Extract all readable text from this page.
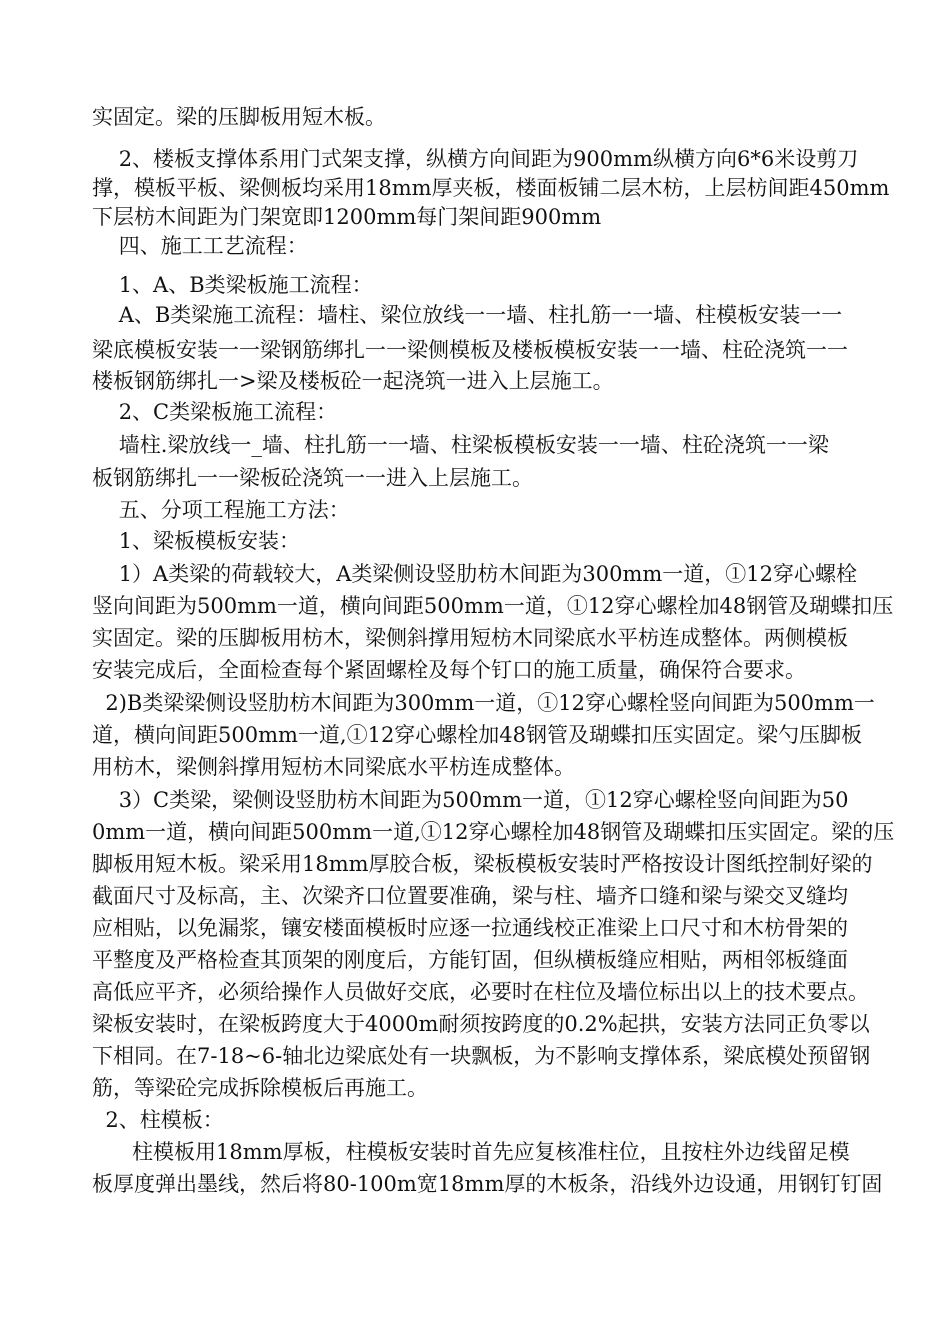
实固定。梁的压脚板用短木板。
2、楼板支撑体系用门式架支撑，纵横方向间距为900mm纵横方向6*6米设剪刀
撑，模板平板、梁侧板均采用18mm厚夹板，楼面板铺二层木枋，上层枋间距450mm
下层枋木间距为门架宽即1200mm每门架间距900mm
四、施工工艺流程：
1、A、B类梁板施工流程：
A、B类梁施工流程：墙柱、梁位放线一一墙、柱扎筋一一墙、柱模板安装一一
梁底模板安装一一梁钢筋绑扎一一梁侧模板及楼板模板安装一一墙、柱砼浇筑一一
楼板钢筋绑扎一>梁及楼板砼一起浇筑一进入上层施工。
2、C类梁板施工流程：
墙柱.梁放线一_墙、柱扎筋一一墙、柱梁板模板安装一一墙、柱砼浇筑一一梁
板钢筋绑扎一一梁板砼浇筑一一进入上层施工。
五、分项工程施工方法：
1、梁板模板安装：
1）A类梁的荷载较大，A类梁侧设竖肋枋木间距为300mm一道，①12穿心螺栓
竖向间距为500mm一道，横向间距500mm一道，①12穿心螺栓加48钢管及瑚蝶扣压
实固定。梁的压脚板用枋木，梁侧斜撑用短枋木同梁底水平枋连成整体。两侧模板
安装完成后，全面检查每个紧固螺栓及每个钉口的施工质量，确保符合要求。
2)B类梁梁侧设竖肋枋木间距为300mm一道，①12穿心螺栓竖向间距为500mm一
道，横向间距500mm一道,①12穿心螺栓加48钢管及瑚蝶扣压实固定。梁勺压脚板
用枋木，梁侧斜撑用短枋木同梁底水平枋连成整体。
3）C类梁，梁侧设竖肋枋木间距为500mm一道，①12穿心螺栓竖向间距为50
0mm一道，横向间距500mm一道,①12穿心螺栓加48钢管及瑚蝶扣压实固定。梁的压
脚板用短木板。梁采用18mm厚胶合板，梁板模板安装时严格按设计图纸控制好梁的
截面尺寸及标高，主、次梁齐口位置要准确，梁与柱、墙齐口缝和梁与梁交叉缝均
应相贴，以免漏浆，镶安楼面模板时应逐一拉通线校正准梁上口尺寸和木枋骨架的
平整度及严格检查其顶架的刚度后，方能钉固，但纵横板缝应相贴，两相邻板缝面
高低应平齐，必须给操作人员做好交底，必要时在柱位及墙位标出以上的技术要点。
梁板安装时，在梁板跨度大于4000m耐须按跨度的0.2%起拱，安装方法同正负零以
下相同。在7-18~6-轴北边梁底处有一块飘板，为不影响支撑体系，梁底模处预留钢
筋，等梁砼完成拆除模板后再施工。
2、柱模板：
柱模板用18mm厚板，柱模板安装时首先应复核准柱位，且按柱外边线留足模
板厚度弹出墨线，然后将80-100m宽18mm厚的木板条，沿线外边设通，用钢钉钉固
